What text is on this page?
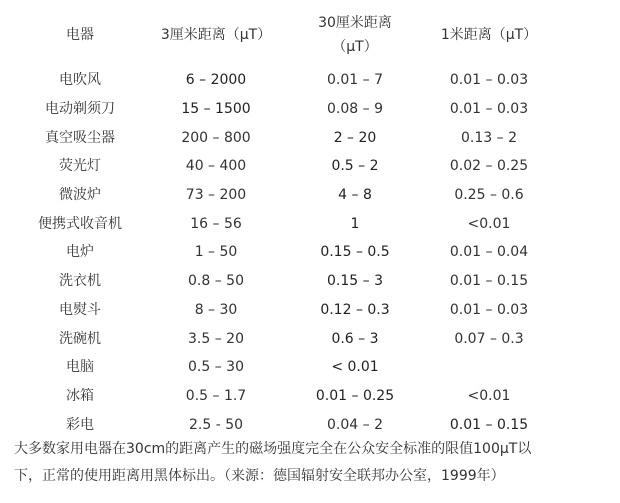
电器	3厘米距离（μT）	30厘米距离（μT）	1米距离（μT）
电吹风	6 – 2000	0.01 – 7	0.01 – 0.03
电动剃须刀	15 – 1500	0.08 – 9	0.01 – 0.03
真空吸尘器	200 – 800	2 – 20	0.13 – 2
荧光灯	40 – 400	0.5 – 2	0.02 – 0.25
微波炉	73 – 200	4 – 8	0.25 – 0.6
便携式收音机	16 – 56	1	<0.01
电炉	1 – 50	0.15 – 0.5	0.01 – 0.04
洗衣机	0.8 – 50	0.15 – 3	0.01 – 0.15
电熨斗	8 – 30	0.12 – 0.3	0.01 – 0.03
洗碗机	3.5 – 20	0.6 – 3	0.07 – 0.3
电脑	0.5 – 30	< 0.01	
冰箱	0.5 – 1.7	0.01 – 0.25	<0.01
彩电	2.5 - 50	0.04 – 2	0.01 – 0.15
大多数家用电器在30cm的距离产生的磁场强度完全在公众安全标准的限值100μT以
下，正常的使用距离用黑体标出。（来源：德国辐射安全联邦办公室，1999年）
